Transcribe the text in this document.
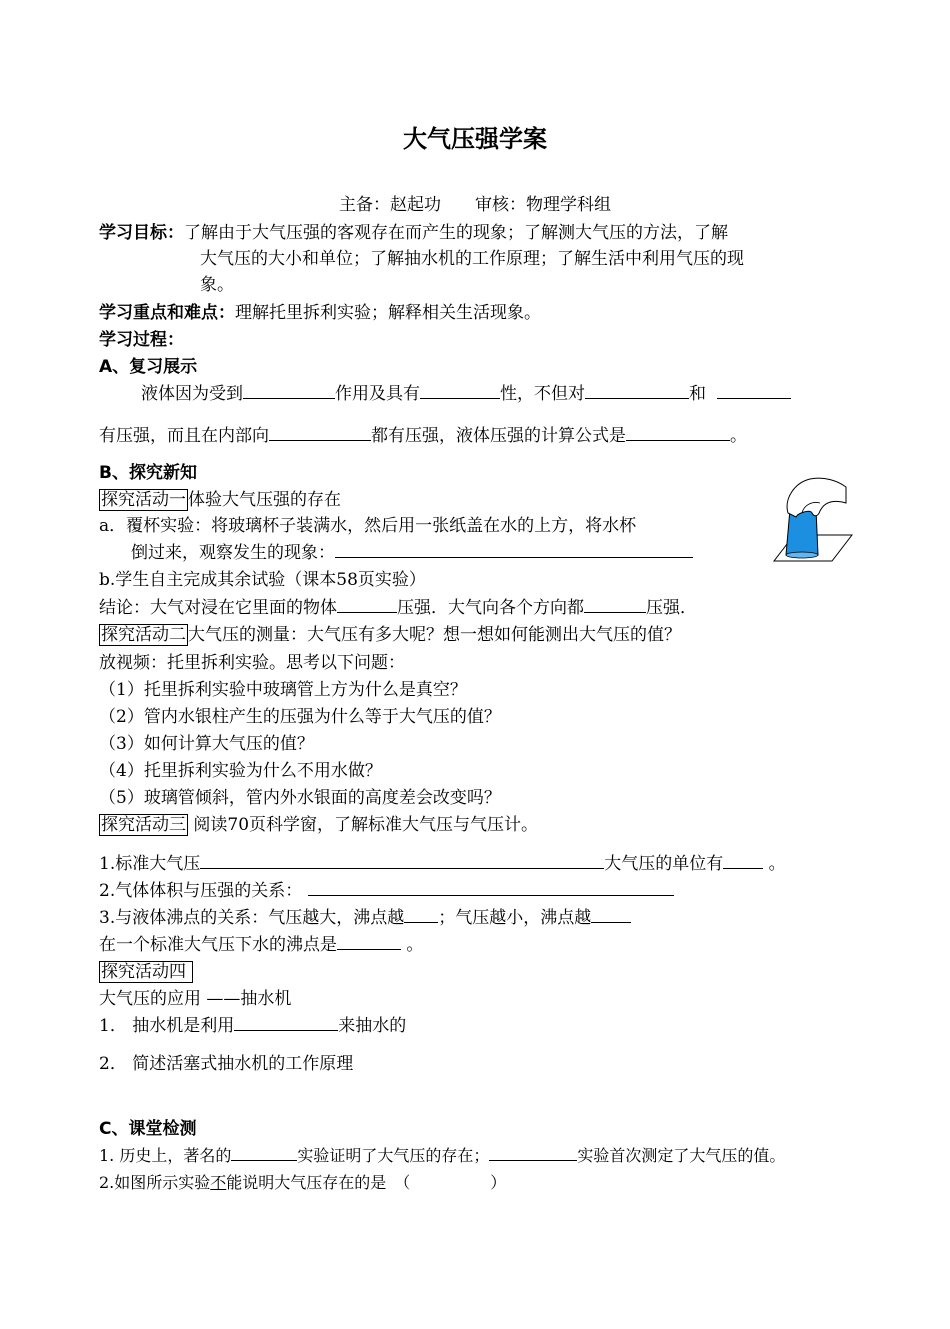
大气压强学案
主备：赵起功　　审核：物理学科组
学习目标：了解由于大气压强的客观存在而产生的现象；了解测大气压的方法，了解
大气压的大小和单位；了解抽水机的工作原理；了解生活中利用气压的现
象。
学习重点和难点：理解托里拆利实验；解释相关生活现象。
学习过程：
A、复习展示
液体因为受到	作用及具有	性，不但对	和
有压强，而且在内部向	都有压强，液体压强的计算公式是	。
B、探究新知
探究活动一 体验大气压强的存在
a．覆杯实验：将玻璃杯子装满水，然后用一张纸盖在水的上方，将水杯
倒过来，观察发生的现象：
b.学生自主完成其余试验（课本58页实验）
结论：大气对浸在它里面的物体	压强．大气向各个方向都	压强．
探究活动二 大气压的测量：大气压有多大呢？想一想如何能测出大气压的值？
放视频：托里拆利实验。思考以下问题：
（1）托里拆利实验中玻璃管上方为什么是真空？
（2）管内水银柱产生的压强为什么等于大气压的值？
（3）如何计算大气压的值？
（4）托里拆利实验为什么不用水做？
（5）玻璃管倾斜，管内外水银面的高度差会改变吗？
探究活动三 阅读70页科学窗，了解标准大气压与气压计。
1.标准大气压	大气压的单位有	。
2.气体体积与压强的关系：
3.与液体沸点的关系：气压越大，沸点越 ；气压越小，沸点越
在一个标准大气压下水的沸点是	。
探究活动四
大气压的应用 ——抽水机
1． 抽水机是利用	来抽水的
2． 简述活塞式抽水机的工作原理
C、课堂检测
1. 历史上，著名的	实验证明了大气压的存在；	实验首次测定了大气压的值。
2.如图所示实验不能说明大气压存在的是　（　　　　　）
